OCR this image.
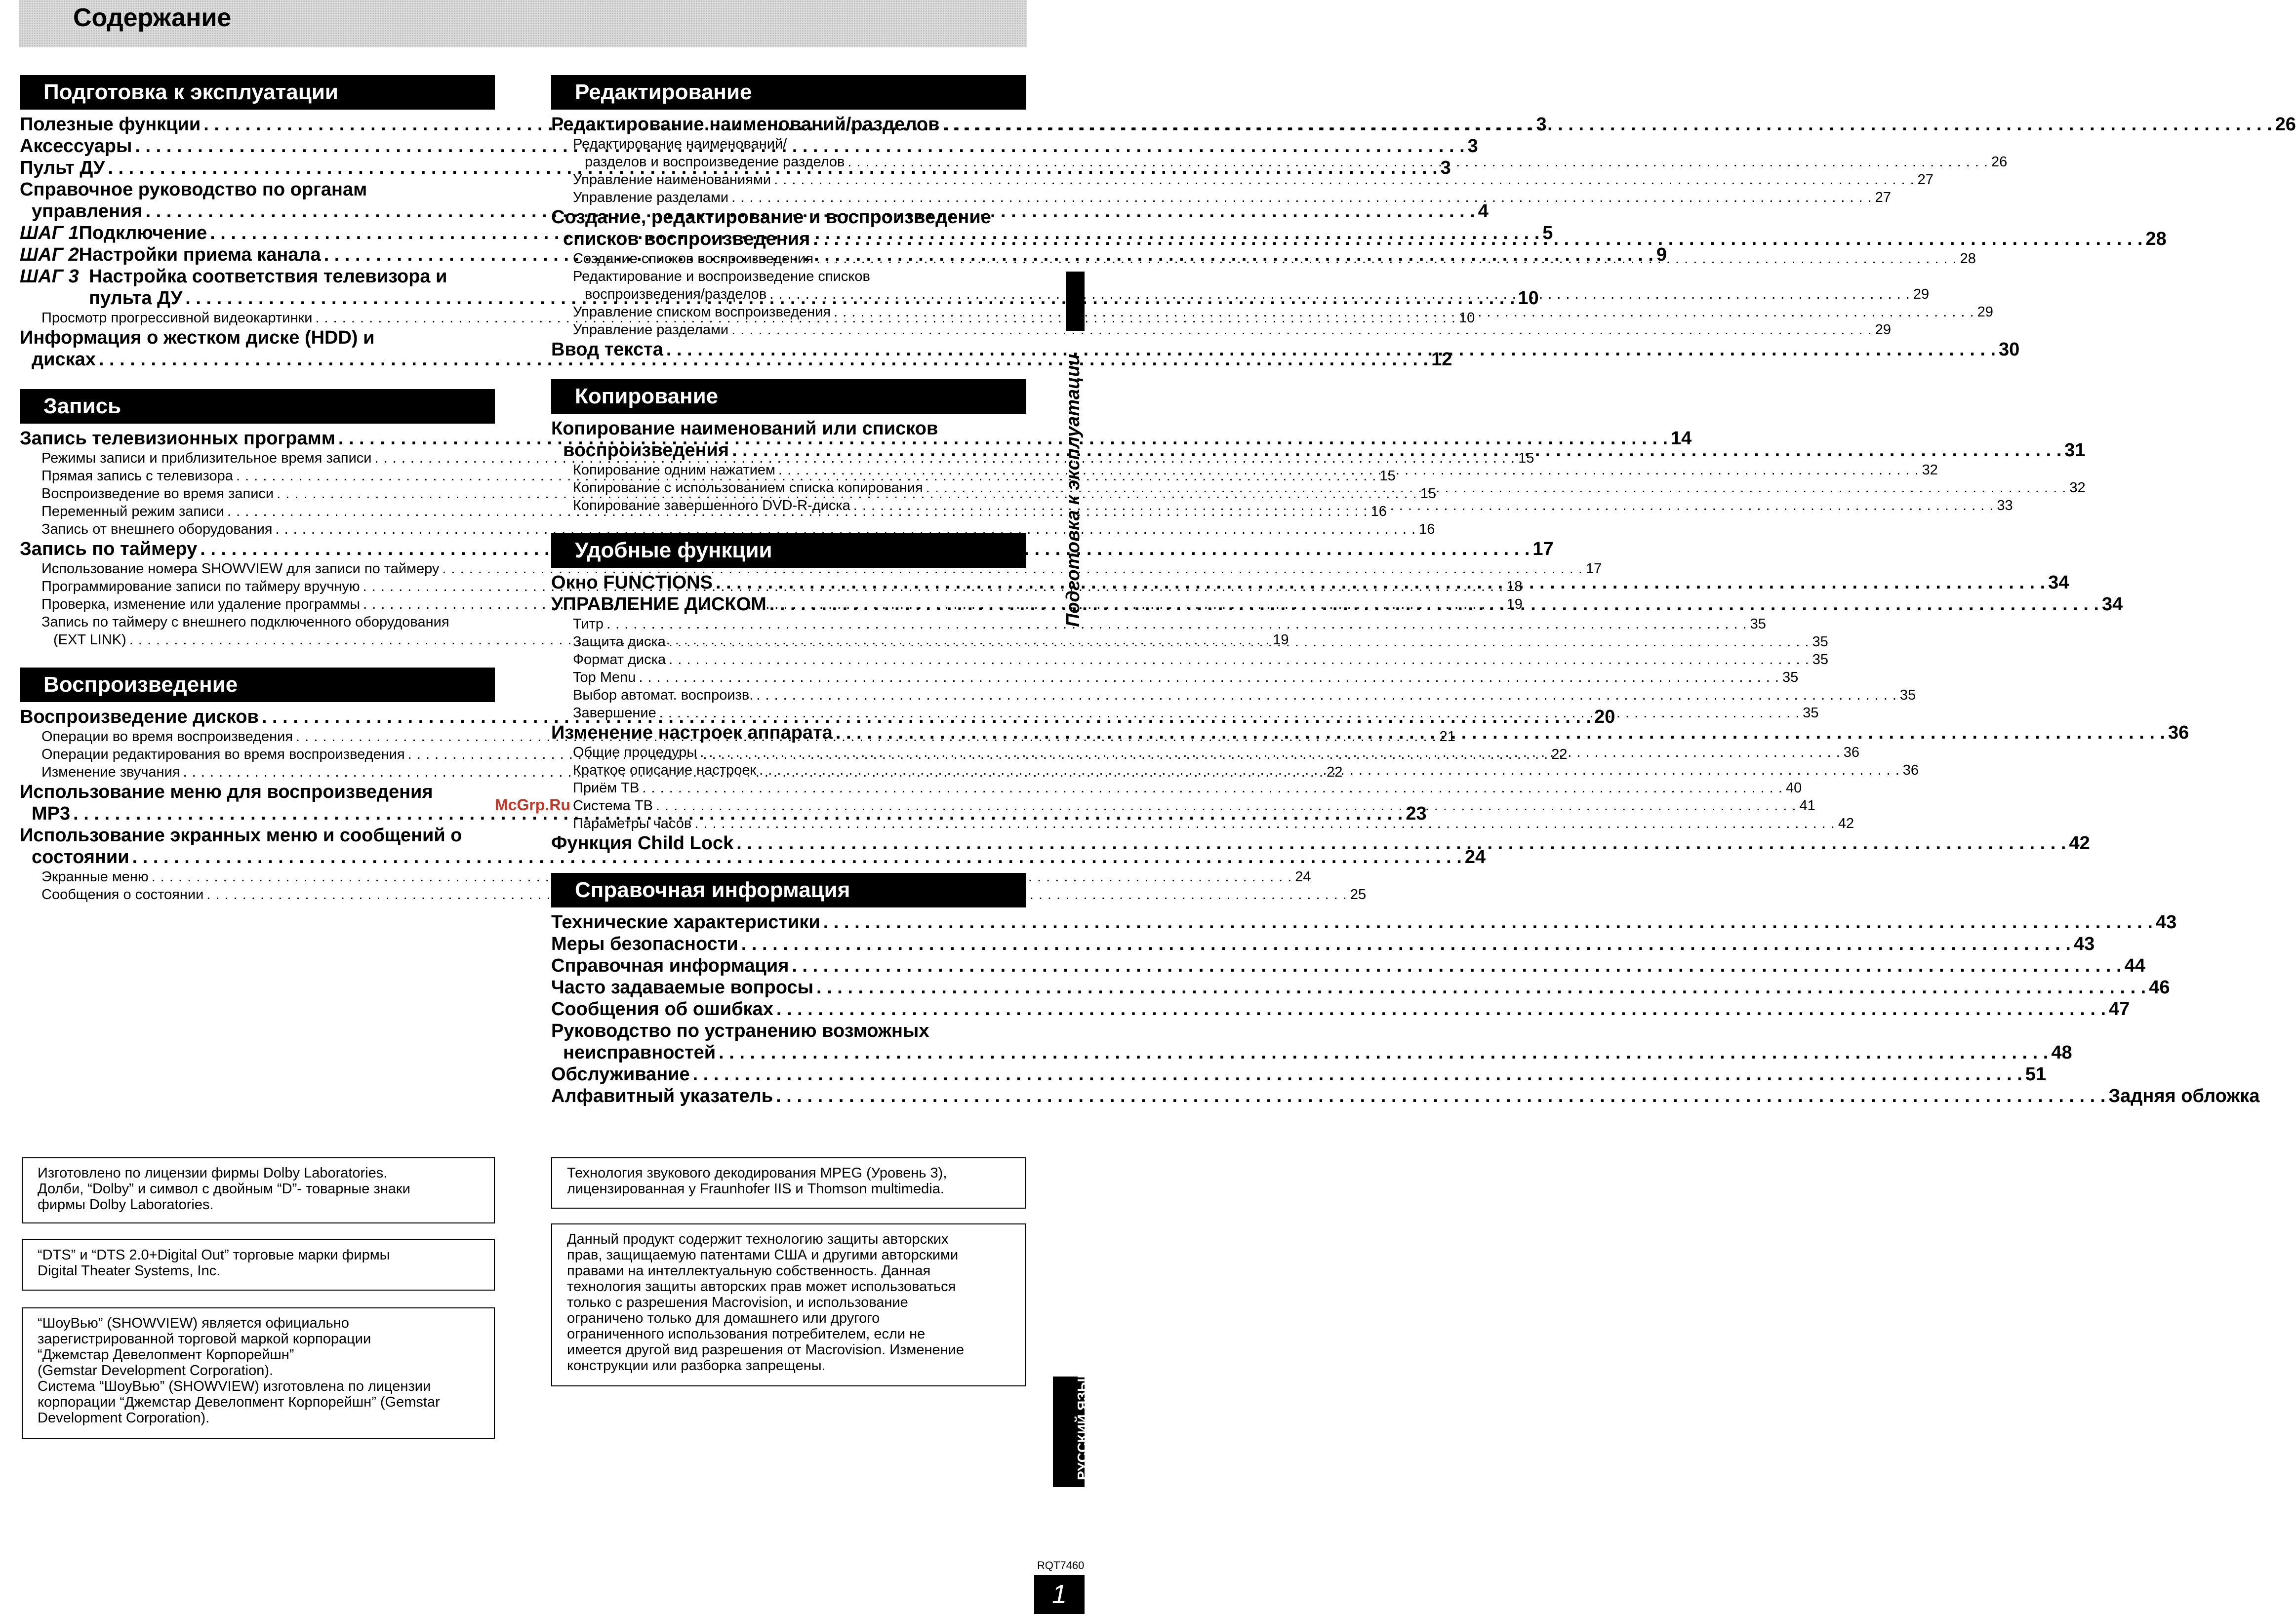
Содержание
Подготовка к эксплуатации
Полезные функции . . .	3
Аксессуары . . .	3
Пульт ДУ . . .	3
Справочное руководство по органам
управления . . .	4
ШАГ 1 Подключение . . .	5
ШАГ 2 Настройки приема канала . . .	9
ШАГ 3 Настройка соответствия телевизора и
пульта ДУ . . .	10
Просмотр прогрессивной видеокартинки . . .	10
Информация о жестком диске (HDD) и
дисках . . .	12
Запись
Запись телевизионных программ . . .	14
Режимы записи и приблизительное время записи . . .	15
Прямая запись с телевизора . . .	15
Воспроизведение во время записи . . .	15
Переменный режим записи . . .	16
Запись от внешнего оборудования . . .	16
Запись по таймеру . . .	17
Использование номера SHOWVIEW для записи по таймеру . . .	17
Программирование записи по таймеру вручную . . .	18
Проверка, изменение или удаление программы . . .	19
Запись по таймеру с внешнего подключенного оборудования
(EXT LINK) . . .	19
Воспроизведение
Воспроизведение дисков . . .	20
Операции во время воспроизведения . . .	21
Операции редактирования во время воспроизведения . . .	22
Изменение звучания . . .	22
Использование меню для воспроизведения
MP3 . . .	23
Использование экранных меню и сообщений о
состоянии . . .	24
Экранные меню . . .	24
Сообщения о состоянии . . .	25
Редактирование
Редактирование наименований/разделов . . .	26
Редактирование наименований/
разделов и воспроизведение разделов . . .	26
Управление наименованиями . . .	27
Управление разделами . . .	27
Создание, редактирование и воспроизведение
списков воспроизведения . . .	28
Создание списков воспроизведения . . .	28
Редактирование и воспроизведение списков
воспроизведения/разделов . . .	29
Управление списком воспроизведения . . .	29
Управление разделами . . .	29
Ввод текста . . .	30
Копирование
Копирование наименований или списков
воспроизведения . . .	31
Копирование одним нажатием . . .	32
Копирование с использованием списка копирования . . .	32
Копирование завершенного DVD-R-диска . . .	33
Удобные функции
Окно FUNCTIONS . . .	34
УПРАВЛЕНИЕ ДИСКОМ . . .	34
Титр . . .	35
Защита диска . . .	35
Формат диска . . .	35
Top Menu . . .	35
Выбор автомат. воспроизв. . . .	35
Завершение . . .	35
Изменение настроек аппарата . . .	36
Общие процедуры . . .	36
Краткое описание настроек . . .	36
Приём ТВ . . .	40
Система ТВ . . .	41
Параметры часов . . .	42
Функция Child Lock . . .	42
Справочная информация
Технические характеристики . . .	43
Меры безопасности . . .	43
Справочная информация . . .	44
Часто задаваемые вопросы . . .	46
Сообщения об ошибках . . .	47
Руководство по устранению возможных
неисправностей . . .	48
Обслуживание . . .	51
Алфавитный указатель . . .	Задняя обложка

Изготовлено по лицензии фирмы Dolby Laboratories.

Долби, “Dolby” и символ с двойным “D”- товарные знаки

фирмы Dolby Laboratories.

“DTS” и “DTS 2.0+Digital Out” торговые марки фирмы

Digital Theater Systems, Inc.

“ШоуВью” (SHOWVIEW) является официально

зарегистрированной торговой маркой корпорации

“Джемстар Девелопмент Корпорейшн”

(Gemstar Development Corporation).

Система “ШоуВью” (SHOWVIEW) изготовлена по лицензии

корпорации “Джемстар Девелопмент Корпорейшн” (Gemstar

Development Corporation).

Технология звукового декодирования MPEG (Уровень 3),

лицензированная у Fraunhofer IIS и Thomson multimedia.

Данный продукт содержит технологию защиты авторских

прав, защищаемую патентами США и другими авторскими

правами на интеллектуальную собственность. Данная

технология защиты авторских прав может использоваться

только с разрешения Macrovision, и использование

ограничено только для домашнего или другого

ограниченного использования потребителем, если не

имеется другой вид разрешения от Macrovision. Изменение

конструкции или разборка запрещены.

Подготовка к эксплуатации
РУССКИЙ ЯЗЫК
McGrp.Ru
RQT7460
1
